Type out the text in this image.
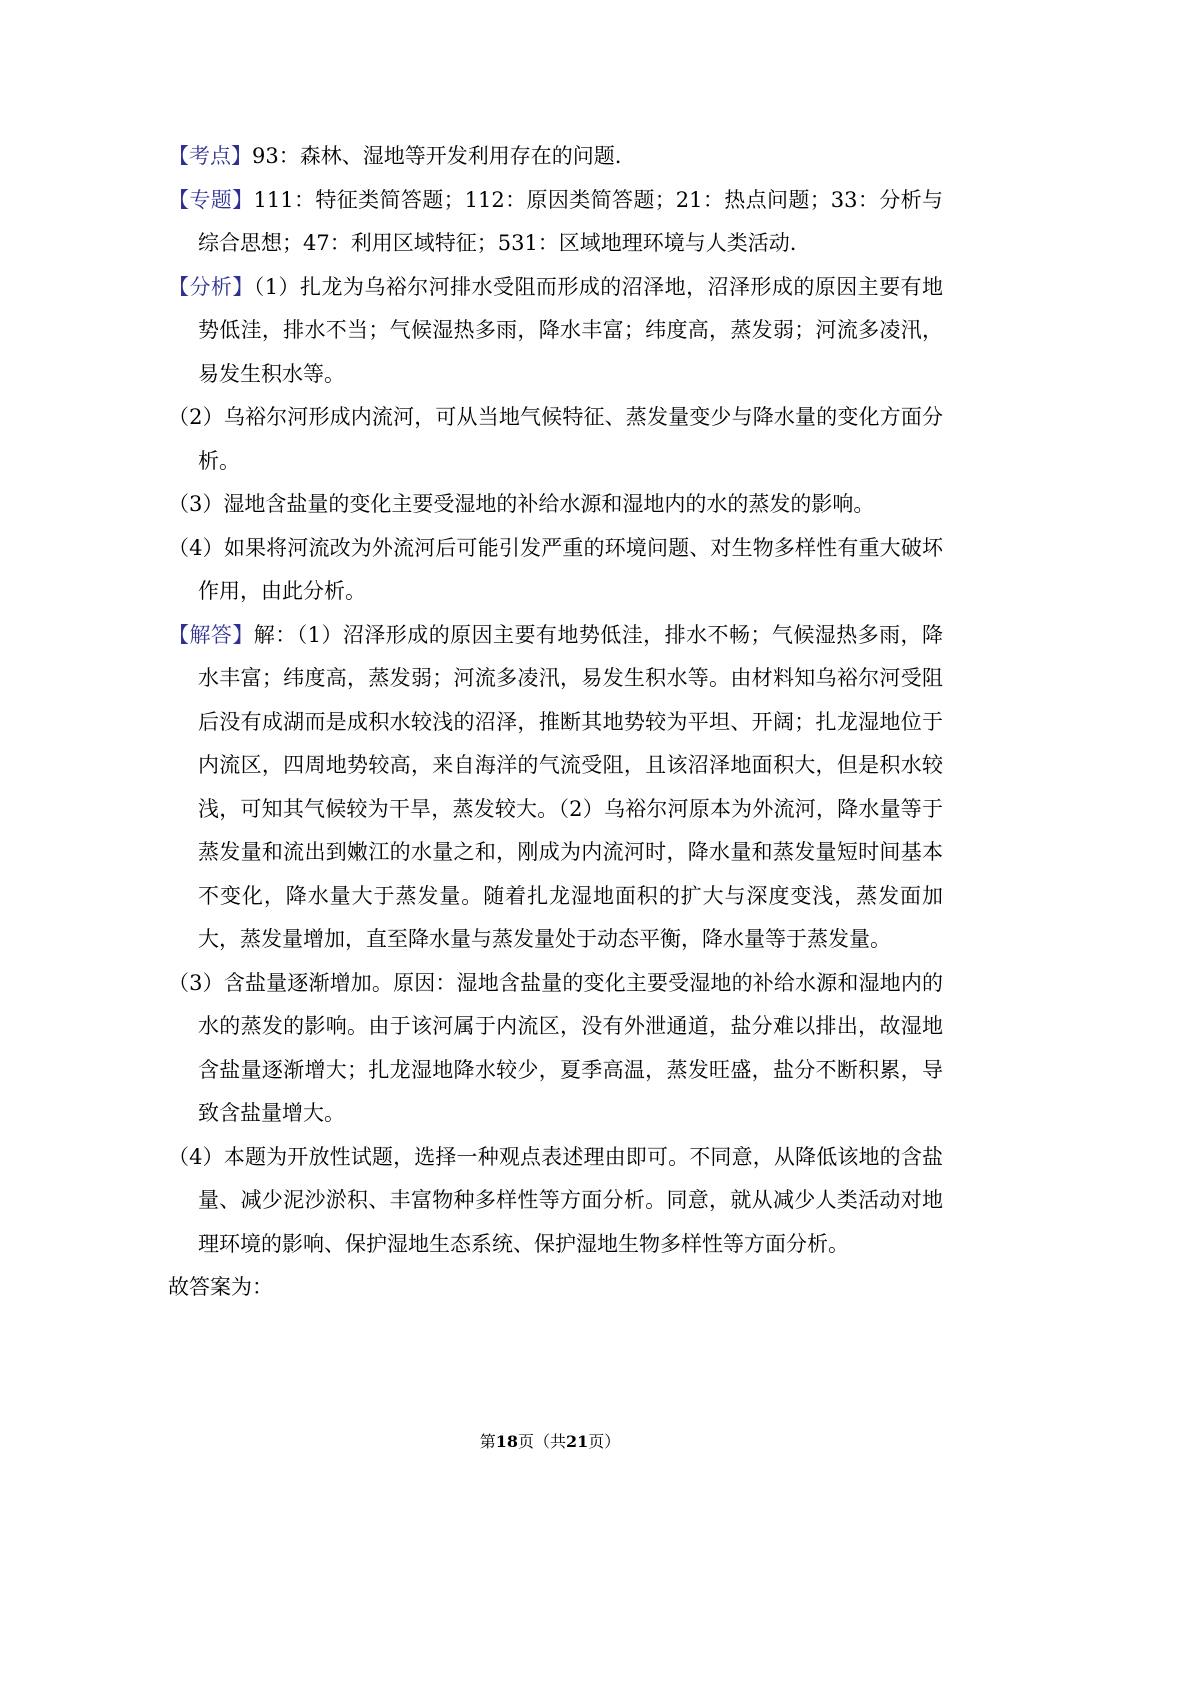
【考点】93：森林、湿地等开发利用存在的问题.

【专题】111：特征类简答题；112：原因类简答题；21：热点问题；33：分析与综合思想；47：利用区域特征；531：区域地理环境与人类活动.

【分析】（1）扎龙为乌裕尔河排水受阻而形成的沼泽地，沼泽形成的原因主要有地势低洼，排水不当；气候湿热多雨，降水丰富；纬度高，蒸发弱；河流多凌汛，易发生积水等。

（2）乌裕尔河形成内流河，可从当地气候特征、蒸发量变少与降水量的变化方面分析。

（3）湿地含盐量的变化主要受湿地的补给水源和湿地内的水的蒸发的影响。

（4）如果将河流改为外流河后可能引发严重的环境问题、对生物多样性有重大破坏作用，由此分析。

【解答】解：（1）沼泽形成的原因主要有地势低洼，排水不畅；气候湿热多雨，降水丰富；纬度高，蒸发弱；河流多凌汛，易发生积水等。由材料知乌裕尔河受阻后没有成湖而是成积水较浅的沼泽，推断其地势较为平坦、开阔；扎龙湿地位于内流区，四周地势较高，来自海洋的气流受阻，且该沼泽地面积大，但是积水较浅，可知其气候较为干旱，蒸发较大。（2）乌裕尔河原本为外流河，降水量等于蒸发量和流出到嫩江的水量之和，刚成为内流河时，降水量和蒸发量短时间基本不变化，降水量大于蒸发量。随着扎龙湿地面积的扩大与深度变浅，蒸发面加大，蒸发量增加，直至降水量与蒸发量处于动态平衡，降水量等于蒸发量。

（3）含盐量逐渐增加。原因：湿地含盐量的变化主要受湿地的补给水源和湿地内的水的蒸发的影响。由于该河属于内流区，没有外泄通道，盐分难以排出，故湿地含盐量逐渐增大；扎龙湿地降水较少，夏季高温，蒸发旺盛，盐分不断积累，导致含盐量增大。

（4）本题为开放性试题，选择一种观点表述理由即可。不同意，从降低该地的含盐量、减少泥沙淤积、丰富物种多样性等方面分析。同意，就从减少人类活动对地理环境的影响、保护湿地生态系统、保护湿地生物多样性等方面分析。

故答案为：

第18页（共21页）
